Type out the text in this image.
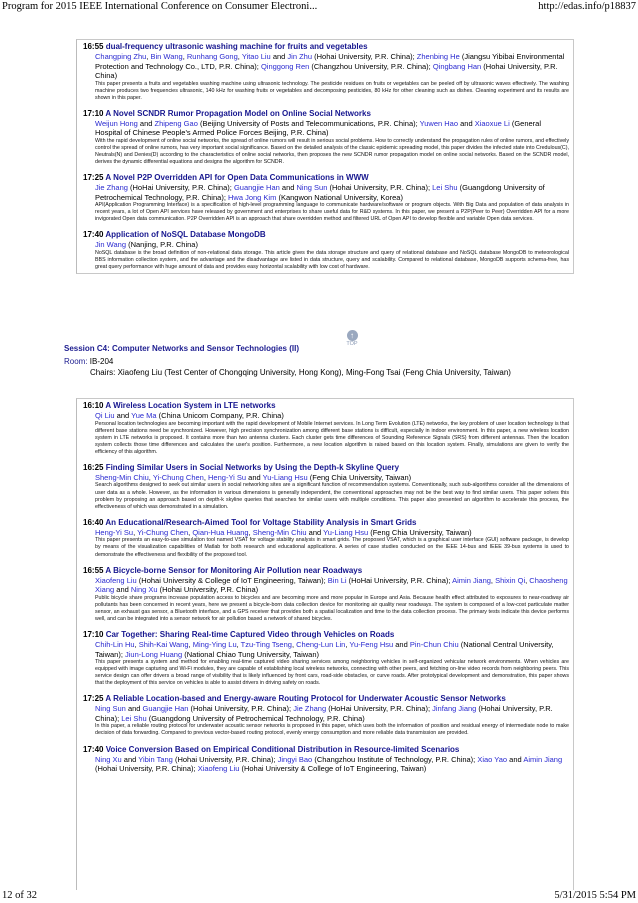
Program for 2015 IEEE International Conference on Consumer Electroni...	http://edas.info/p18837
16:55 dual-frequency ultrasonic washing machine for fruits and vegetables
Changping Zhu, Bin Wang, Runhang Gong, Yitao Liu and Jin Zhu (Hohai University, P.R. China); Zhenbing He (Jiangsu Yibibai Environmental Protection and Technology Co., LTD, P.R. China); Qinggong Ren (Changzhou University, P.R. China); Qingbang Han (Hohai University, P.R. China)
This paper presents a fruits and vegetables washing machine using ultrasonic technology. The pesticide residues on fruits or vegetables can be peeled off by ultrasonic waves effectively. The washing machine produces two frequencies ultrasonic, 140 kHz for washing fruits or vegetables and decomposing pesticides, 80 kHz for other cleaning such as dishes. Cleaning experiment and its results are shown in this paper.
17:10 A Novel SCNDR Rumor Propagation Model on Online Social Networks
Weijun Hong and Zhipeng Gao (Beijing University of Posts and Telecommunications, P.R. China); Yuwen Hao and Xiaoxue Li (General Hospital of Chinese People's Armed Police Forces Beijing, P.R. China)
With the rapid development of online social networks, the spread of online rumors will result in serious social problems. How to correctly understand the propagation rules of online rumors, and effectively control the spread of online rumors, has very important social significance. Based on the detailed analysis of the classic epidemic spreading model, this paper divides the infected state into Credulous(C), Neutrals(N) and Denies(D) according to the characteristics of online social networks, then proposes the new SCNDR rumor propagation model on online social networks. Based on the SCNDR model, derives the dynamic differential equations and designs the algorithm for SCNDR.
17:25 A Novel P2P Overridden API for Open Data Communications in WWW
Jie Zhang (HoHai University, P.R. China); Guangjie Han and Ning Sun (Hohai University, P.R. China); Lei Shu (Guangdong University of Petrochemical Technology, P.R. China); Hwa Jong Kim (Kangwon National University, Korea)
API(Application Programming Interface) is a specification of high-level programming language to communicate hardware/software or program objects. With Big Data and population of data analysis in recent years, a lot of Open API services have released by government and enterprises to share useful data for R&D systems. In this paper, we present a P2P(Peer to Peer) Overridden API for a more invigorated Open data communication. P2P Overridden API is an approach that share overridden method and filtered URL of Open API to develop flexible and variable Open data services.
17:40 Application of NoSQL Database MongoDB
Jin Wang (Nanjing, P.R. China)
NoSQL database is the broad definition of non-relational data storage. This article gives the data storage structure and query of relational database and NoSQL database MongoDB to meteorological BBS information collection system, and the advantage and the disadvantage are listed in data structure, query and scalability. Compared to relational database, MongoDB supports schema-free, has great query performance with huge amount of data and provides easy horizontal scalability with low cost of hardware.
↑
TOP
Session C4: Computer Networks and Sensor Technologies (II)
Room: IB-204
Chairs: Xiaofeng Liu (Test Center of Chongqing University, Hong Kong), Ming-Fong Tsai (Feng Chia University, Taiwan)
16:10 A Wireless Location System in LTE networks
Qi Liu and Yue Ma (China Unicom Company, P.R. China)
Personal location technologies are becoming important with the rapid development of Mobile Internet services. In Long Term Evolution (LTE) networks, the key problem of user location technology is that different base stations need be synchronized. However, high precision synchronization among different base stations is difficult, especially in indoor environment. In this paper, a new wireless location system in LTE networks is proposed. It contains more than two antenna clusters. Each cluster gets time differences of Sounding Reference Signals (SRS) from different antennas. Then the location system collects those time differences and calculates the user's position. Furthermore, a new location algorithm is raised based on this location system. Finally, simulations are given to verify the efficiency of this algorithm.
16:25 Finding Similar Users in Social Networks by Using the Depth-k Skyline Query
Sheng-Min Chiu, Yi-Chung Chen, Heng-Yi Su and Yu-Liang Hsu (Feng Chia University, Taiwan)
Search algorithms designed to seek out similar users in social networking sites are a significant function of recommendation systems. Conventionally, such sub-algorithms consider all the dimensions of user data as a whole. However, as the information in various dimensions is generally independent, the conventional approaches may not be the best way to find similar users. This paper solves this problem by proposing an approach based on depth-k skyline queries that searches for similar users with multiple conditions. This paper also presented an algorithm to accelerate this process, the effectiveness of which was demonstrated in a simulation.
16:40 An Educational/Research-Aimed Tool for Voltage Stability Analysis in Smart Grids
Heng-Yi Su, Yi-Chung Chen, Qian-Hua Huang, Sheng-Min Chiu and Yu-Liang Hsu (Feng Chia University, Taiwan)
This paper presents an easy-to-use simulation tool named VSAT for voltage stability analysis in smart grids. The proposed VSAT, which is a graphical user interface (GUI) software package, is develop by means of the visualization capabilities of Matlab for both research and educational applications. A series of case studies conducted on the IEEE 14-bus and IEEE 39-bus systems is used to demonstrate the effectiveness and flexibility of the proposed tool.
16:55 A Bicycle-borne Sensor for Monitoring Air Pollution near Roadways
Xiaofeng Liu (Hohai University & College of IoT Engineering, Taiwan); Bin Li (HoHai University, P.R. China); Aimin Jiang, Shixin Qi, Chaosheng Xiang and Ning Xu (Hohai University, P.R. China)
Public bicycle share programs increase population access to bicycles and are becoming more and more popular in Europe and Asia. Because health effect attributed to exposures to near-roadway air pollutants has been concerned in recent years, here we present a bicycle-born data collection device for monitoring air quality near roadways. The system is composed of a low-cost particulate matter sensor, an exhaust gas sensor, a Bluetooth interface, and a GPS receiver that provides both a spatial localization and time to the data collection process. The primary tests indicate this device performs well, and can be integrated into a sensor network for air pollution based a network of shared bicycles.
17:10 Car Together: Sharing Real-time Captured Video through Vehicles on Roads
Chih-Lin Hu, Shih-Kai Wang, Ming-Ying Lu, Tzu-Ting Tseng, Cheng-Lun Lin, Yu-Feng Hsu and Pin-Chun Chiu (National Central University, Taiwan); Jiun-Long Huang (National Chiao Tung University, Taiwan)
This paper presents a system and method for enabling real-time captured video sharing services among neighboring vehicles in self-organized vehicular network environments. When vehicles are equipped with image capturing and Wi-Fi modules, they are capable of establishing local wireless networks, connecting with other peers, and fetching on-line video records from neighboring peers. This service design can offer drivers a broad range of visibility that is likely influenced by front cars, road-side obstacles, or curve roads. After prototypical development and demonstration, this paper shows that the deployment of this service on vehicles is able to assist drivers in driving safety on roads.
17:25 A Reliable Location-based and Energy-aware Routing Protocol for Underwater Acoustic Sensor Networks
Ning Sun and Guangjie Han (Hohai University, P.R. China); Jie Zhang (HoHai University, P.R. China); Jinfang Jiang (Hohai University, P.R. China); Lei Shu (Guangdong University of Petrochemical Technology, P.R. China)
In this paper, a reliable routing protocol for underwater acoustic sensor networks is proposed in this paper, which uses both the information of position and residual energy of intermediate node to make decision of data forwarding. Compared to previous vector-based routing protocol, evenly energy consumption and more reliable data transmission are provided.
17:40 Voice Conversion Based on Empirical Conditional Distribution in Resource-limited Scenarios
Ning Xu and Yibin Tang (Hohai University, P.R. China); Jingyi Bao (Changzhou Institute of Technology, P.R. China); Xiao Yao and Aimin Jiang (Hohai University, P.R. China); Xiaofeng Liu (Hohai University & College of IoT Engineering, Taiwan)
12 of 32	5/31/2015 5:54 PM
